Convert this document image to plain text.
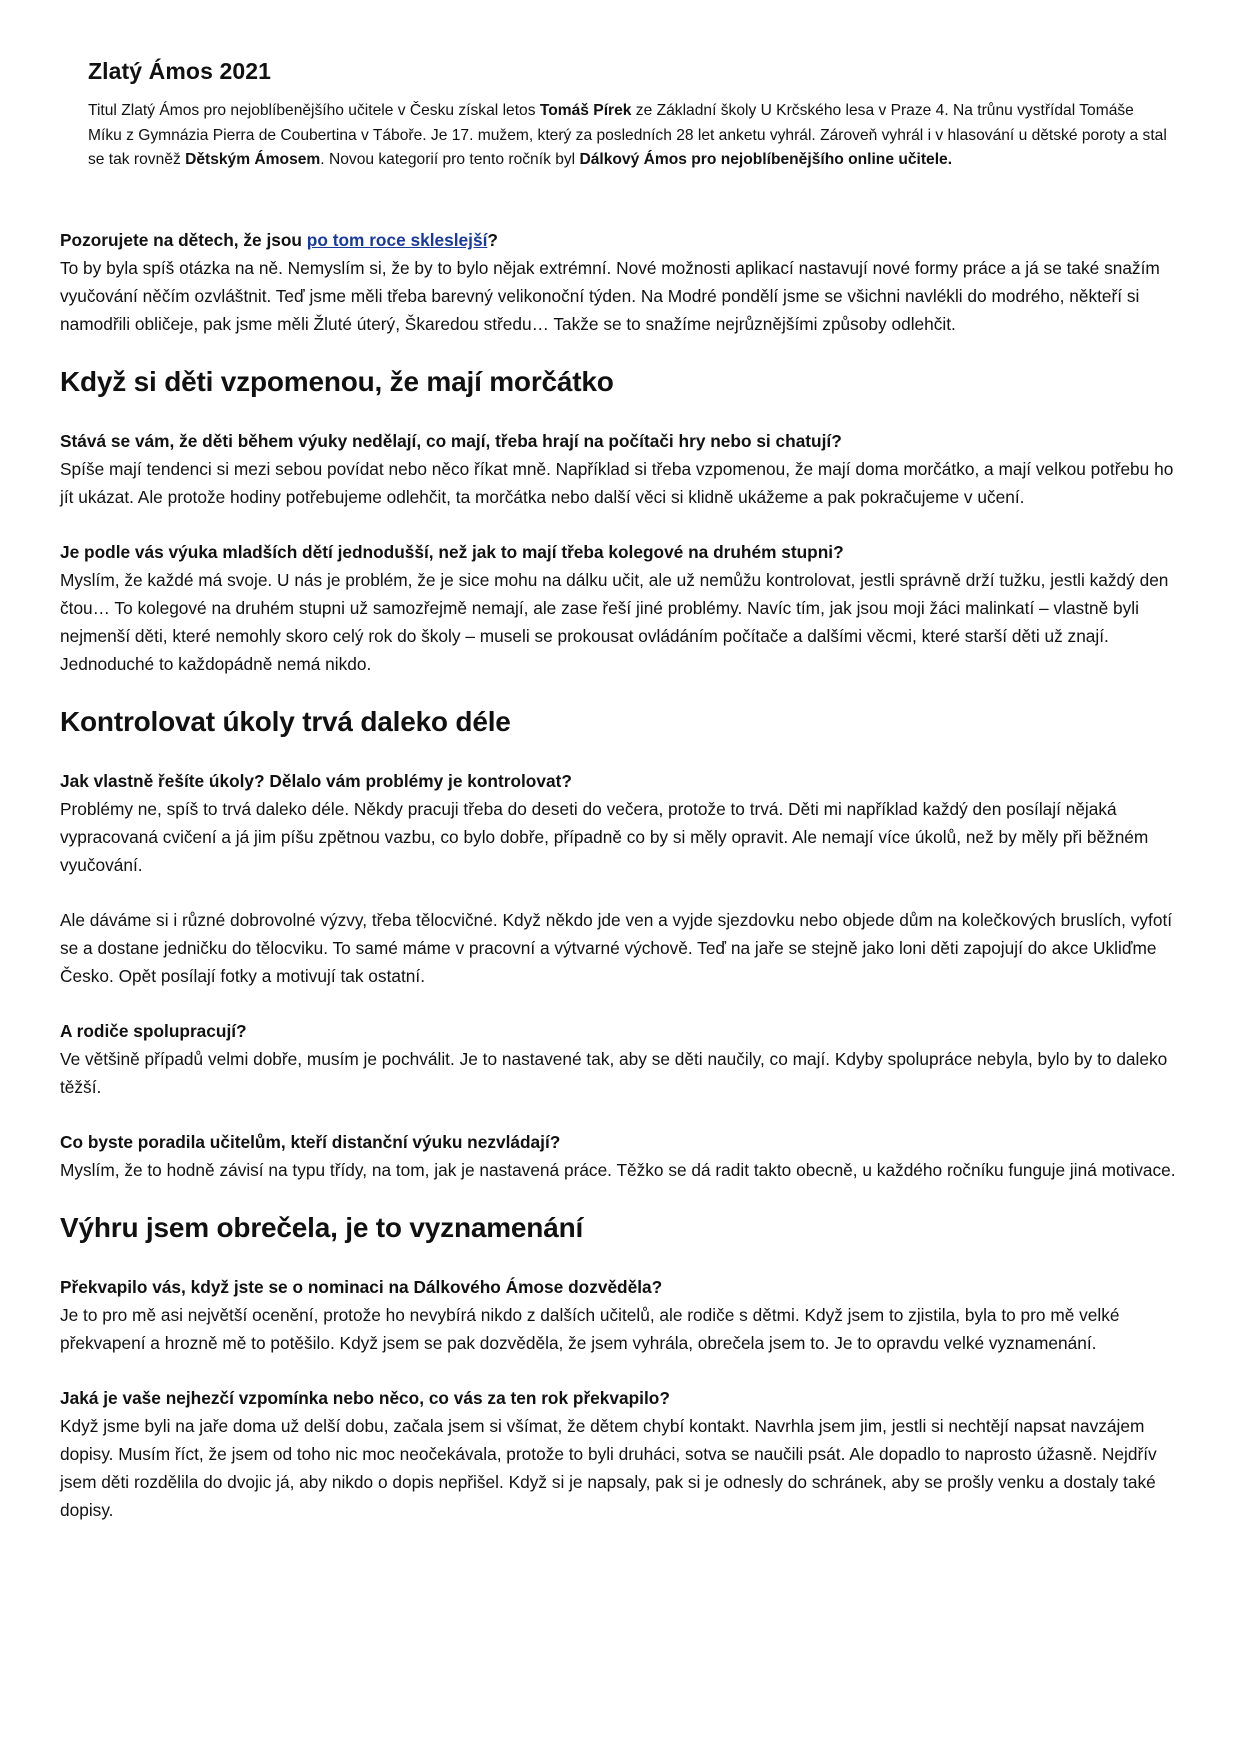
Zlatý Ámos 2021

Titul Zlatý Ámos pro nejoblíbenějšího učitele v Česku získal letos Tomáš Pírek ze Základní školy U Krčského lesa v Praze 4. Na trůnu vystřídal Tomáše Míku z Gymnázia Pierra de Coubertina v Táboře. Je 17. mužem, který za posledních 28 let anketu vyhrál. Zároveň vyhrál i v hlasování u dětské poroty a stal se tak rovněž Dětským Ámosem. Novou kategorií pro tento ročník byl Dálkový Ámos pro nejoblíbenějšího online učitele.

Pozorujete na dětech, že jsou po tom roce skleslejší?

To by byla spíš otázka na ně. Nemyslím si, že by to bylo nějak extrémní. Nové možnosti aplikací nastavují nové formy práce a já se také snažím vyučování něčím ozvláštnit. Teď jsme měli třeba barevný velikonoční týden. Na Modré pondělí jsme se všichni navlékli do modrého, někteří si namodřili obličeje, pak jsme měli Žluté úterý, Škaredou středu… Takže se to snažíme nejrůznějšími způsoby odlehčit.

Když si děti vzpomenou, že mají morčátko

Stává se vám, že děti během výuky nedělají, co mají, třeba hrají na počítači hry nebo si chatují?

Spíše mají tendenci si mezi sebou povídat nebo něco říkat mně. Například si třeba vzpomenou, že mají doma morčátko, a mají velkou potřebu ho jít ukázat. Ale protože hodiny potřebujeme odlehčit, ta morčátka nebo další věci si klidně ukážeme a pak pokračujeme v učení.

Je podle vás výuka mladších dětí jednodušší, než jak to mají třeba kolegové na druhém stupni?

Myslím, že každé má svoje. U nás je problém, že je sice mohu na dálku učit, ale už nemůžu kontrolovat, jestli správně drží tužku, jestli každý den čtou… To kolegové na druhém stupni už samozřejmě nemají, ale zase řeší jiné problémy. Navíc tím, jak jsou moji žáci malinkatí – vlastně byli nejmenší děti, které nemohly skoro celý rok do školy – museli se prokousat ovládáním počítače a dalšími věcmi, které starší děti už znají. Jednoduché to každopádně nemá nikdo.

Kontrolovat úkoly trvá daleko déle

Jak vlastně řešíte úkoly? Dělalo vám problémy je kontrolovat?

Problémy ne, spíš to trvá daleko déle. Někdy pracuji třeba do deseti do večera, protože to trvá. Děti mi například každý den posílají nějaká vypracovaná cvičení a já jim píšu zpětnou vazbu, co bylo dobře, případně co by si měly opravit. Ale nemají více úkolů, než by měly při běžném vyučování.

Ale dáváme si i různé dobrovolné výzvy, třeba tělocvičné. Když někdo jde ven a vyjde sjezdovku nebo objede dům na kolečkových bruslích, vyfotí se a dostane jedničku do tělocviku. To samé máme v pracovní a výtvarné výchově. Teď na jaře se stejně jako loni děti zapojují do akce Ukliďme Česko. Opět posílají fotky a motivují tak ostatní.

A rodiče spolupracují?

Ve většině případů velmi dobře, musím je pochválit. Je to nastavené tak, aby se děti naučily, co mají. Kdyby spolupráce nebyla, bylo by to daleko těžší.

Co byste poradila učitelům, kteří distanční výuku nezvládají?

Myslím, že to hodně závisí na typu třídy, na tom, jak je nastavená práce. Těžko se dá radit takto obecně, u každého ročníku funguje jiná motivace.

Výhru jsem obrečela, je to vyznamenání

Překvapilo vás, když jste se o nominaci na Dálkového Ámose dozvěděla?

Je to pro mě asi největší ocenění, protože ho nevybírá nikdo z dalších učitelů, ale rodiče s dětmi. Když jsem to zjistila, byla to pro mě velké překvapení a hrozně mě to potěšilo. Když jsem se pak dozvěděla, že jsem vyhrála, obrečela jsem to. Je to opravdu velké vyznamenání.

Jaká je vaše nejhezčí vzpomínka nebo něco, co vás za ten rok překvapilo?

Když jsme byli na jaře doma už delší dobu, začala jsem si všímat, že dětem chybí kontakt. Navrhla jsem jim, jestli si nechtějí napsat navzájem dopisy. Musím říct, že jsem od toho nic moc neočekávala, protože to byli druháci, sotva se naučili psát. Ale dopadlo to naprosto úžasně. Nejdřív jsem děti rozdělila do dvojic já, aby nikdo o dopis nepřišel. Když si je napsaly, pak si je odnesly do schránek, aby se prošly venku a dostaly také dopisy.
